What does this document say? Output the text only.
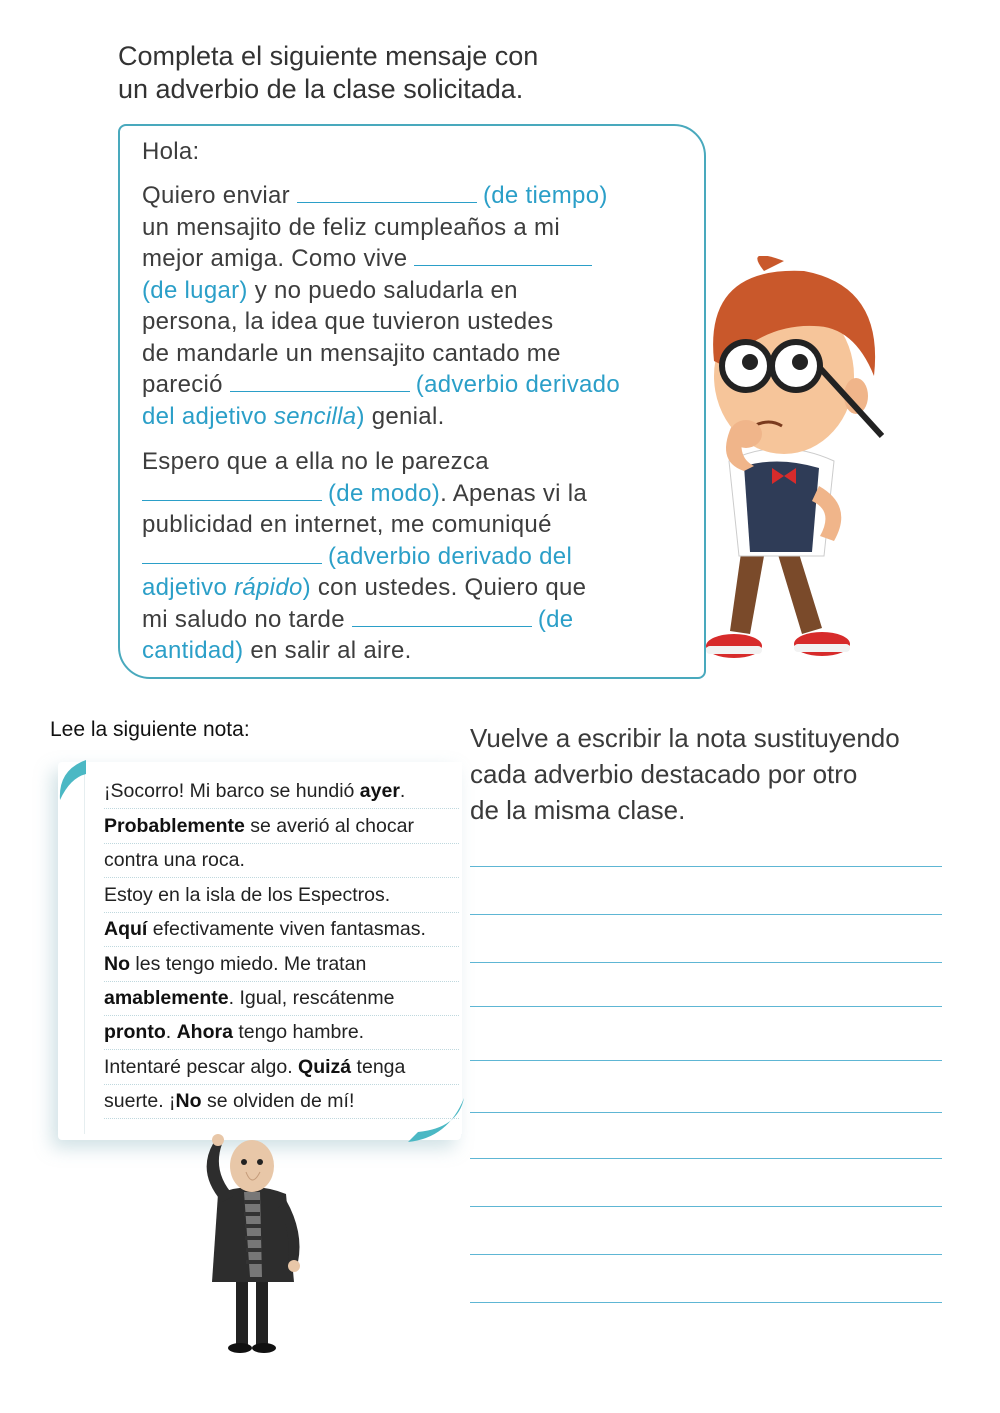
Completa el siguiente mensaje con
un adverbio de la clase solicitada.
Hola:
Quiero enviar	(de tiempo)
un mensajito de feliz cumpleaños a mi
mejor amiga. Como vive
(de lugar) y no puedo saludarla en
persona, la idea que tuvieron ustedes
de mandarle un mensajito cantado me
pareció	(adverbio derivado
del adjetivo sencilla) genial.
Espero que a ella no le parezca
(de modo). Apenas vi la
publicidad en internet, me comuniqué
(adverbio derivado del
adjetivo rápido) con ustedes. Quiero que
mi saludo no tarde	(de
cantidad) en salir al aire.
Lee la siguiente nota:
¡Socorro! Mi barco se hundió ayer.
Probablemente se averió al chocar
contra una roca.
Estoy en la isla de los Espectros.
Aquí efectivamente viven fantasmas.
No les tengo miedo. Me tratan
amablemente. Igual, rescátenme
pronto. Ahora tengo hambre.
Intentaré pescar algo. Quizá tenga
suerte. ¡No se olviden de mí!
Vuelve a escribir la nota sustituyendo
cada adverbio destacado por otro
de la misma clase.
